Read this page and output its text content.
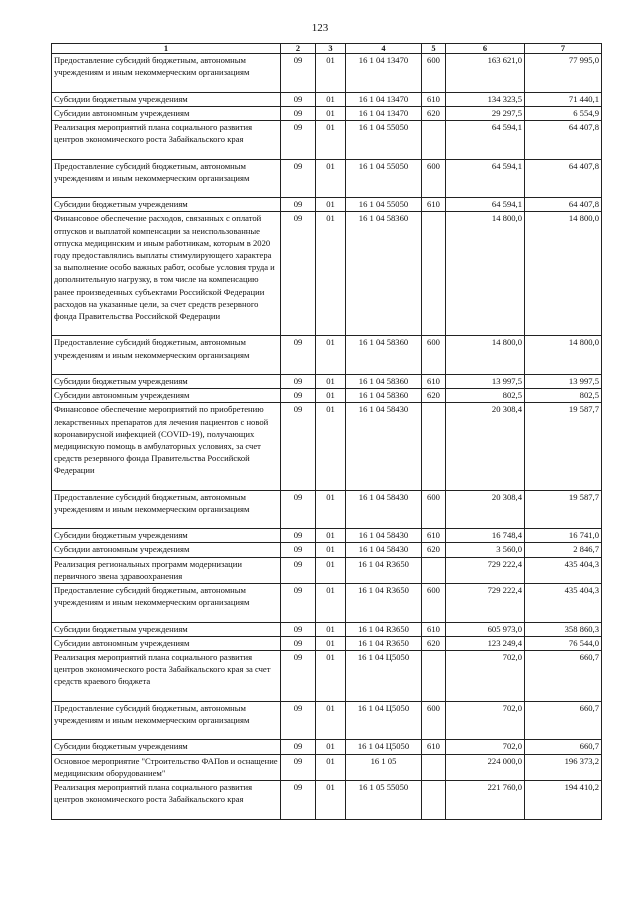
123
1	2	3	4	5	6	7

Предоставление субсидий бюджетным, автономным учреждениям и иным некоммерческим организациям	09	01	16 1 04 13470	600	163 621,0	77 995,0

Субсидии бюджетным учреждениям	09	01	16 1 04 13470	610	134 323,5	71 440,1

Субсидии автономным учреждениям	09	01	16 1 04 13470	620	29 297,5	6 554,9

Реализация мероприятий плана социального развития центров экономического роста Забайкальского края	09	01	16 1 04 55050		64 594,1	64 407,8

Предоставление субсидий бюджетным, автономным учреждениям и иным некоммерческим организациям	09	01	16 1 04 55050	600	64 594,1	64 407,8

Субсидии бюджетным учреждениям	09	01	16 1 04 55050	610	64 594,1	64 407,8

Финансовое обеспечение расходов, связанных с оплатой отпусков и выплатой компенсации за неиспользованные отпуска медицинским и иным работникам, которым в 2020 году предоставлялись выплаты стимулирующего характера за выполнение особо важных работ, особые условия труда и дополнительную нагрузку, в том числе на компенсацию ранее произведенных субъектами Российской Федерации расходов на указанные цели, за счет средств резервного фонда Правительства Российской Федерации	09	01	16 1 04 58360		14 800,0	14 800,0

Предоставление субсидий бюджетным, автономным учреждениям и иным некоммерческим организациям	09	01	16 1 04 58360	600	14 800,0	14 800,0

Субсидии бюджетным учреждениям	09	01	16 1 04 58360	610	13 997,5	13 997,5

Субсидии автономным учреждениям	09	01	16 1 04 58360	620	802,5	802,5

Финансовое обеспечение мероприятий по приобретению лекарственных препаратов для лечения пациентов с новой коронавирусной инфекцией (COVID-19), получающих медицинскую помощь в амбулаторных условиях, за счет средств резервного фонда Правительства Российской Федерации	09	01	16 1 04 58430		20 308,4	19 587,7

Предоставление субсидий бюджетным, автономным учреждениям и иным некоммерческим организациям	09	01	16 1 04 58430	600	20 308,4	19 587,7

Субсидии бюджетным учреждениям	09	01	16 1 04 58430	610	16 748,4	16 741,0

Субсидии автономным учреждениям	09	01	16 1 04 58430	620	3 560,0	2 846,7

Реализация региональных программ модернизации первичного звена здравоохранения	09	01	16 1 04 R3650		729 222,4	435 404,3

Предоставление субсидий бюджетным, автономным учреждениям и иным некоммерческим организациям	09	01	16 1 04 R3650	600	729 222,4	435 404,3

Субсидии бюджетным учреждениям	09	01	16 1 04 R3650	610	605 973,0	358 860,3

Субсидии автономным учреждениям	09	01	16 1 04 R3650	620	123 249,4	76 544,0

Реализация мероприятий плана социального развития центров экономического роста Забайкальского края за счет средств краевого бюджета	09	01	16 1 04 Ц5050		702,0	660,7

Предоставление субсидий бюджетным, автономным учреждениям и иным некоммерческим организациям	09	01	16 1 04 Ц5050	600	702,0	660,7

Субсидии бюджетным учреждениям	09	01	16 1 04 Ц5050	610	702,0	660,7

Основное мероприятие "Строительство ФАПов и оснащение медицинским оборудованием"	09	01	16 1 05		224 000,0	196 373,2

Реализация мероприятий плана социального развития центров экономического роста Забайкальского края	09	01	16 1 05 55050		221 760,0	194 410,2
